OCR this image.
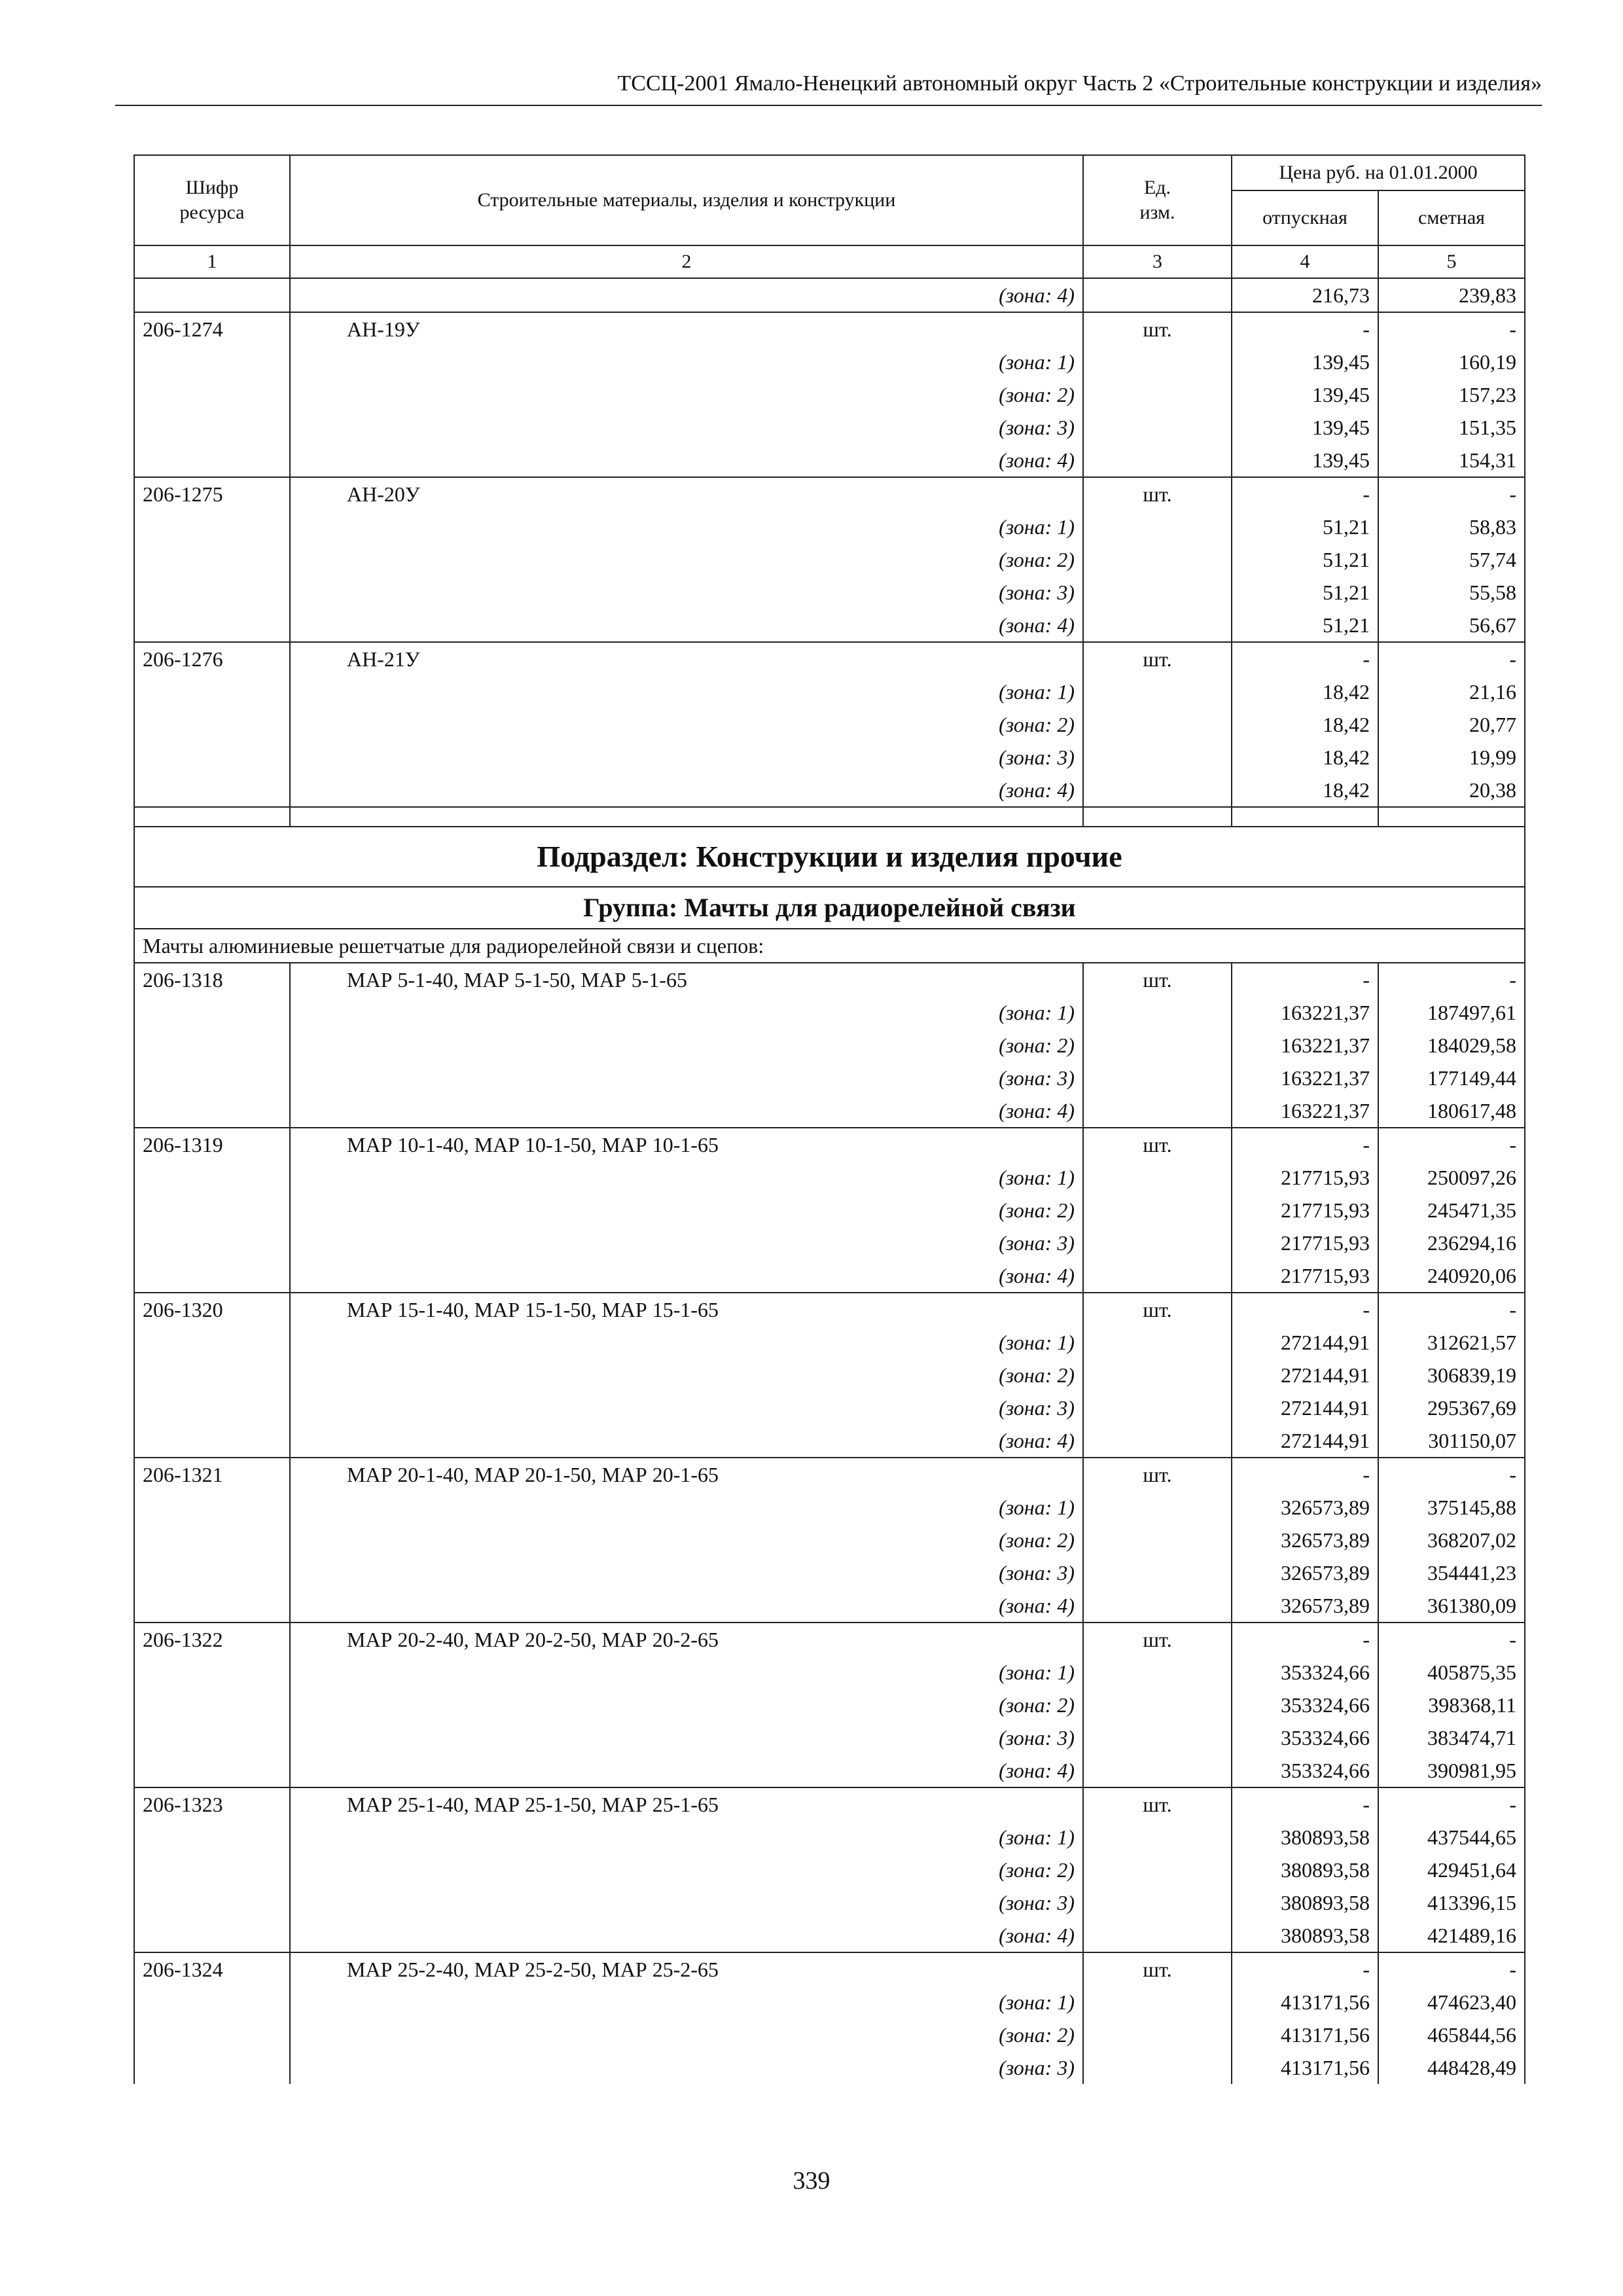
ТССЦ-2001 Ямало-Ненецкий автономный округ Часть 2 «Строительные конструкции и изделия»
Шифр ресурса	Строительные материалы, изделия и конструкции	Ед. изм.	Цена руб. на 01.01.2000	
			отпускная	сметная
1	2	3	4	5
	(зона: 4)		216,73	239,83
206-1274	АН-19У	шт.	-	-
	(зона: 1)		139,45	160,19
	(зона: 2)		139,45	157,23
	(зона: 3)		139,45	151,35
	(зона: 4)		139,45	154,31
206-1275	АН-20У	шт.	-	-
	(зона: 1)		51,21	58,83
	(зона: 2)		51,21	57,74
	(зона: 3)		51,21	55,58
	(зона: 4)		51,21	56,67
206-1276	АН-21У	шт.	-	-
	(зона: 1)		18,42	21,16
	(зона: 2)		18,42	20,77
	(зона: 3)		18,42	19,99
	(зона: 4)		18,42	20,38

Подраздел: Конструкции и изделия прочие				
Группа: Мачты для радиорелейной связи				
Мачты алюминиевые решетчатые для радиорелейной связи и сцепов:				
206-1318	МАР 5-1-40, МАР 5-1-50, МАР 5-1-65	шт.	-	-
	(зона: 1)		163221,37	187497,61
	(зона: 2)		163221,37	184029,58
	(зона: 3)		163221,37	177149,44
	(зона: 4)		163221,37	180617,48
206-1319	МАР 10-1-40, МАР 10-1-50, МАР 10-1-65	шт.	-	-
	(зона: 1)		217715,93	250097,26
	(зона: 2)		217715,93	245471,35
	(зона: 3)		217715,93	236294,16
	(зона: 4)		217715,93	240920,06
206-1320	МАР 15-1-40, МАР 15-1-50, МАР 15-1-65	шт.	-	-
	(зона: 1)		272144,91	312621,57
	(зона: 2)		272144,91	306839,19
	(зона: 3)		272144,91	295367,69
	(зона: 4)		272144,91	301150,07
206-1321	МАР 20-1-40, МАР 20-1-50, МАР 20-1-65	шт.	-	-
	(зона: 1)		326573,89	375145,88
	(зона: 2)		326573,89	368207,02
	(зона: 3)		326573,89	354441,23
	(зона: 4)		326573,89	361380,09
206-1322	МАР 20-2-40, МАР 20-2-50, МАР 20-2-65	шт.	-	-
	(зона: 1)		353324,66	405875,35
	(зона: 2)		353324,66	398368,11
	(зона: 3)		353324,66	383474,71
	(зона: 4)		353324,66	390981,95
206-1323	МАР 25-1-40, МАР 25-1-50, МАР 25-1-65	шт.	-	-
	(зона: 1)		380893,58	437544,65
	(зона: 2)		380893,58	429451,64
	(зона: 3)		380893,58	413396,15
	(зона: 4)		380893,58	421489,16
206-1324	МАР 25-2-40, МАР 25-2-50, МАР 25-2-65	шт.	-	-
	(зона: 1)		413171,56	474623,40
	(зона: 2)		413171,56	465844,56
	(зона: 3)		413171,56	448428,49
339
